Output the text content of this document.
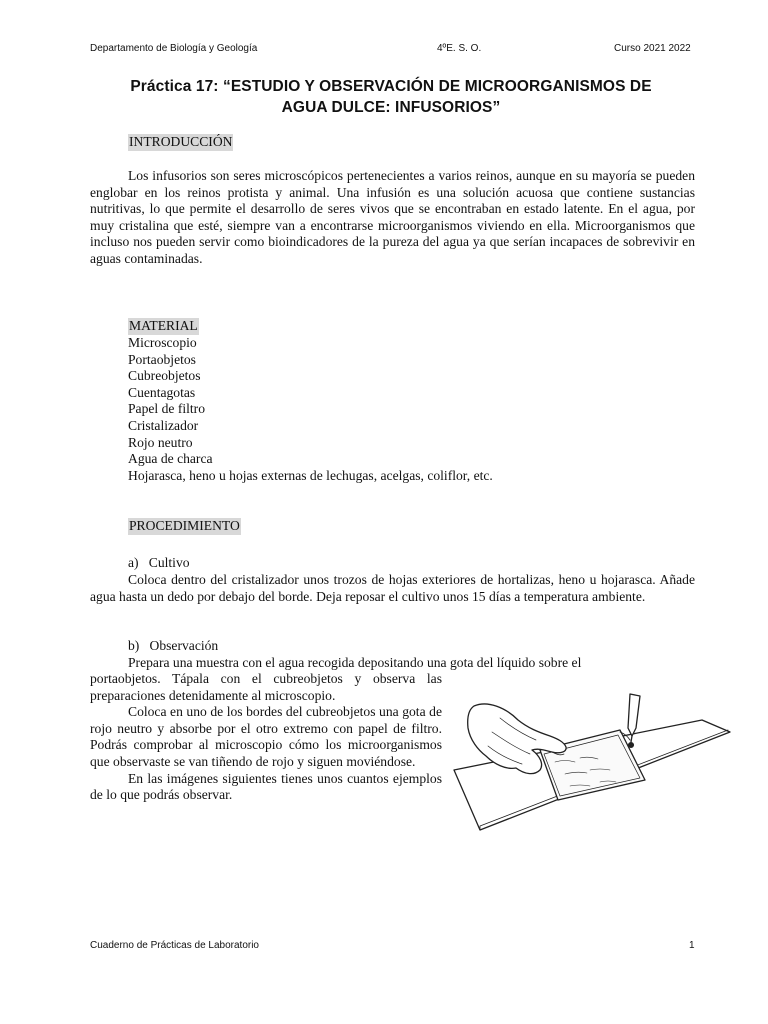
Departamento de Biología y Geología	4ºE. S. O.	Curso 2021 2022
Práctica 17: “ESTUDIO Y OBSERVACIÓN DE MICROORGANISMOS DE
AGUA DULCE: INFUSORIOS”
INTRODUCCIÓN

Los infusorios son seres microscópicos pertenecientes a varios reinos, aunque en su mayoría se pueden englobar en los reinos protista y animal. Una infusión es una solución acuosa que contiene sustancias nutritivas, lo que permite el desarrollo de seres vivos que se encontraban en estado latente. En el agua, por muy cristalina que esté, siempre van a encontrarse microorganismos viviendo en ella. Microorganismos que incluso nos pueden servir como bioindicadores de la pureza del agua ya que serían incapaces de sobrevivir en aguas contaminadas.

MATERIAL
Microscopio
Portaobjetos
Cubreobjetos
Cuentagotas
Papel de filtro
Cristalizador
Rojo neutro
Agua de charca
Hojarasca, heno u hojas externas de lechugas, acelgas, coliflor, etc.
PROCEDIMIENTO
a)   Cultivo

Coloca dentro del cristalizador unos trozos de hojas exteriores de hortalizas, heno u hojarasca. Añade agua hasta un dedo por debajo del borde. Deja reposar el cultivo unos 15 días a temperatura ambiente.

b)   Observación

Prepara una muestra con el agua recogida depositando una gota del líquido sobre el

portaobjetos. Tápala con el cubreobjetos y observa las preparaciones detenidamente al microscopio.

Coloca en uno de los bordes del cubreobjetos una gota de rojo neutro y absorbe por el otro extremo con papel de filtro. Podrás comprobar al microscopio cómo los microorganismos que observaste se van tiñendo de rojo y siguen moviéndose.

En las imágenes siguientes tienes unos cuantos ejemplos de lo que podrás observar.

Cuaderno de Prácticas de Laboratorio	1
